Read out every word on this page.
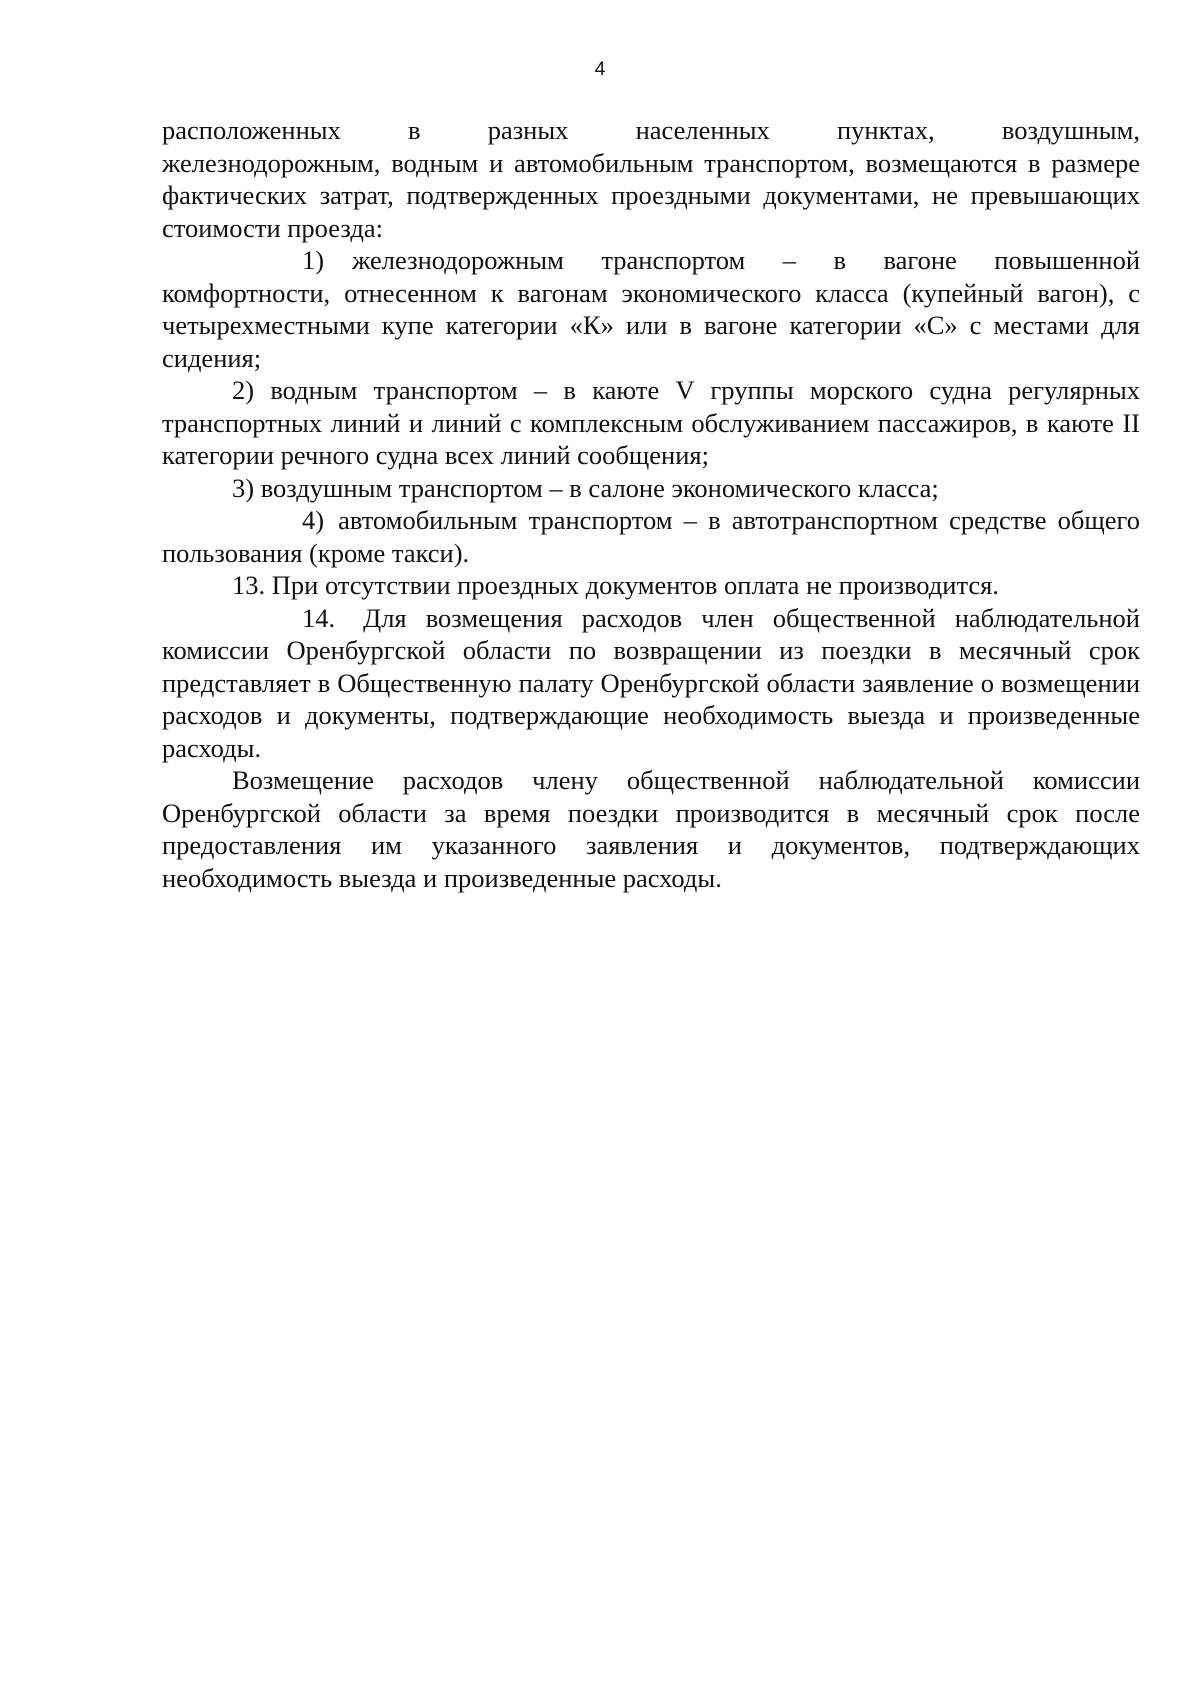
4
расположенных	в	разных	населенных	пунктах,	воздушным,

железнодорожным, водным и автомобильным транспортом, возмещаются в размере фактических затрат, подтвержденных проездными документами, не превышающих стоимости проезда:

1) железнодорожным транспортом – в вагоне повышенной комфортности, отнесенном к вагонам экономического класса (купейный вагон), с четырехместными купе категории «К» или в вагоне категории «С» с местами для сидения;

2) водным транспортом – в каюте V группы морского судна регулярных транспортных линий и линий с комплексным обслуживанием пассажиров, в каюте II категории речного судна всех линий сообщения;

3) воздушным транспортом – в салоне экономического класса;

4) автомобильным транспортом – в автотранспортном средстве общего пользования (кроме такси).

13. При отсутствии проездных документов оплата не производится.

14. Для возмещения расходов член общественной наблюдательной комиссии Оренбургской области по возвращении из поездки в месячный срок представляет в Общественную палату Оренбургской области заявление о возмещении расходов и документы, подтверждающие необходимость выезда и произведенные расходы.

Возмещение расходов члену общественной наблюдательной комиссии Оренбургской области за время поездки производится в месячный срок после предоставления им указанного заявления и документов, подтверждающих необходимость выезда и произведенные расходы.
